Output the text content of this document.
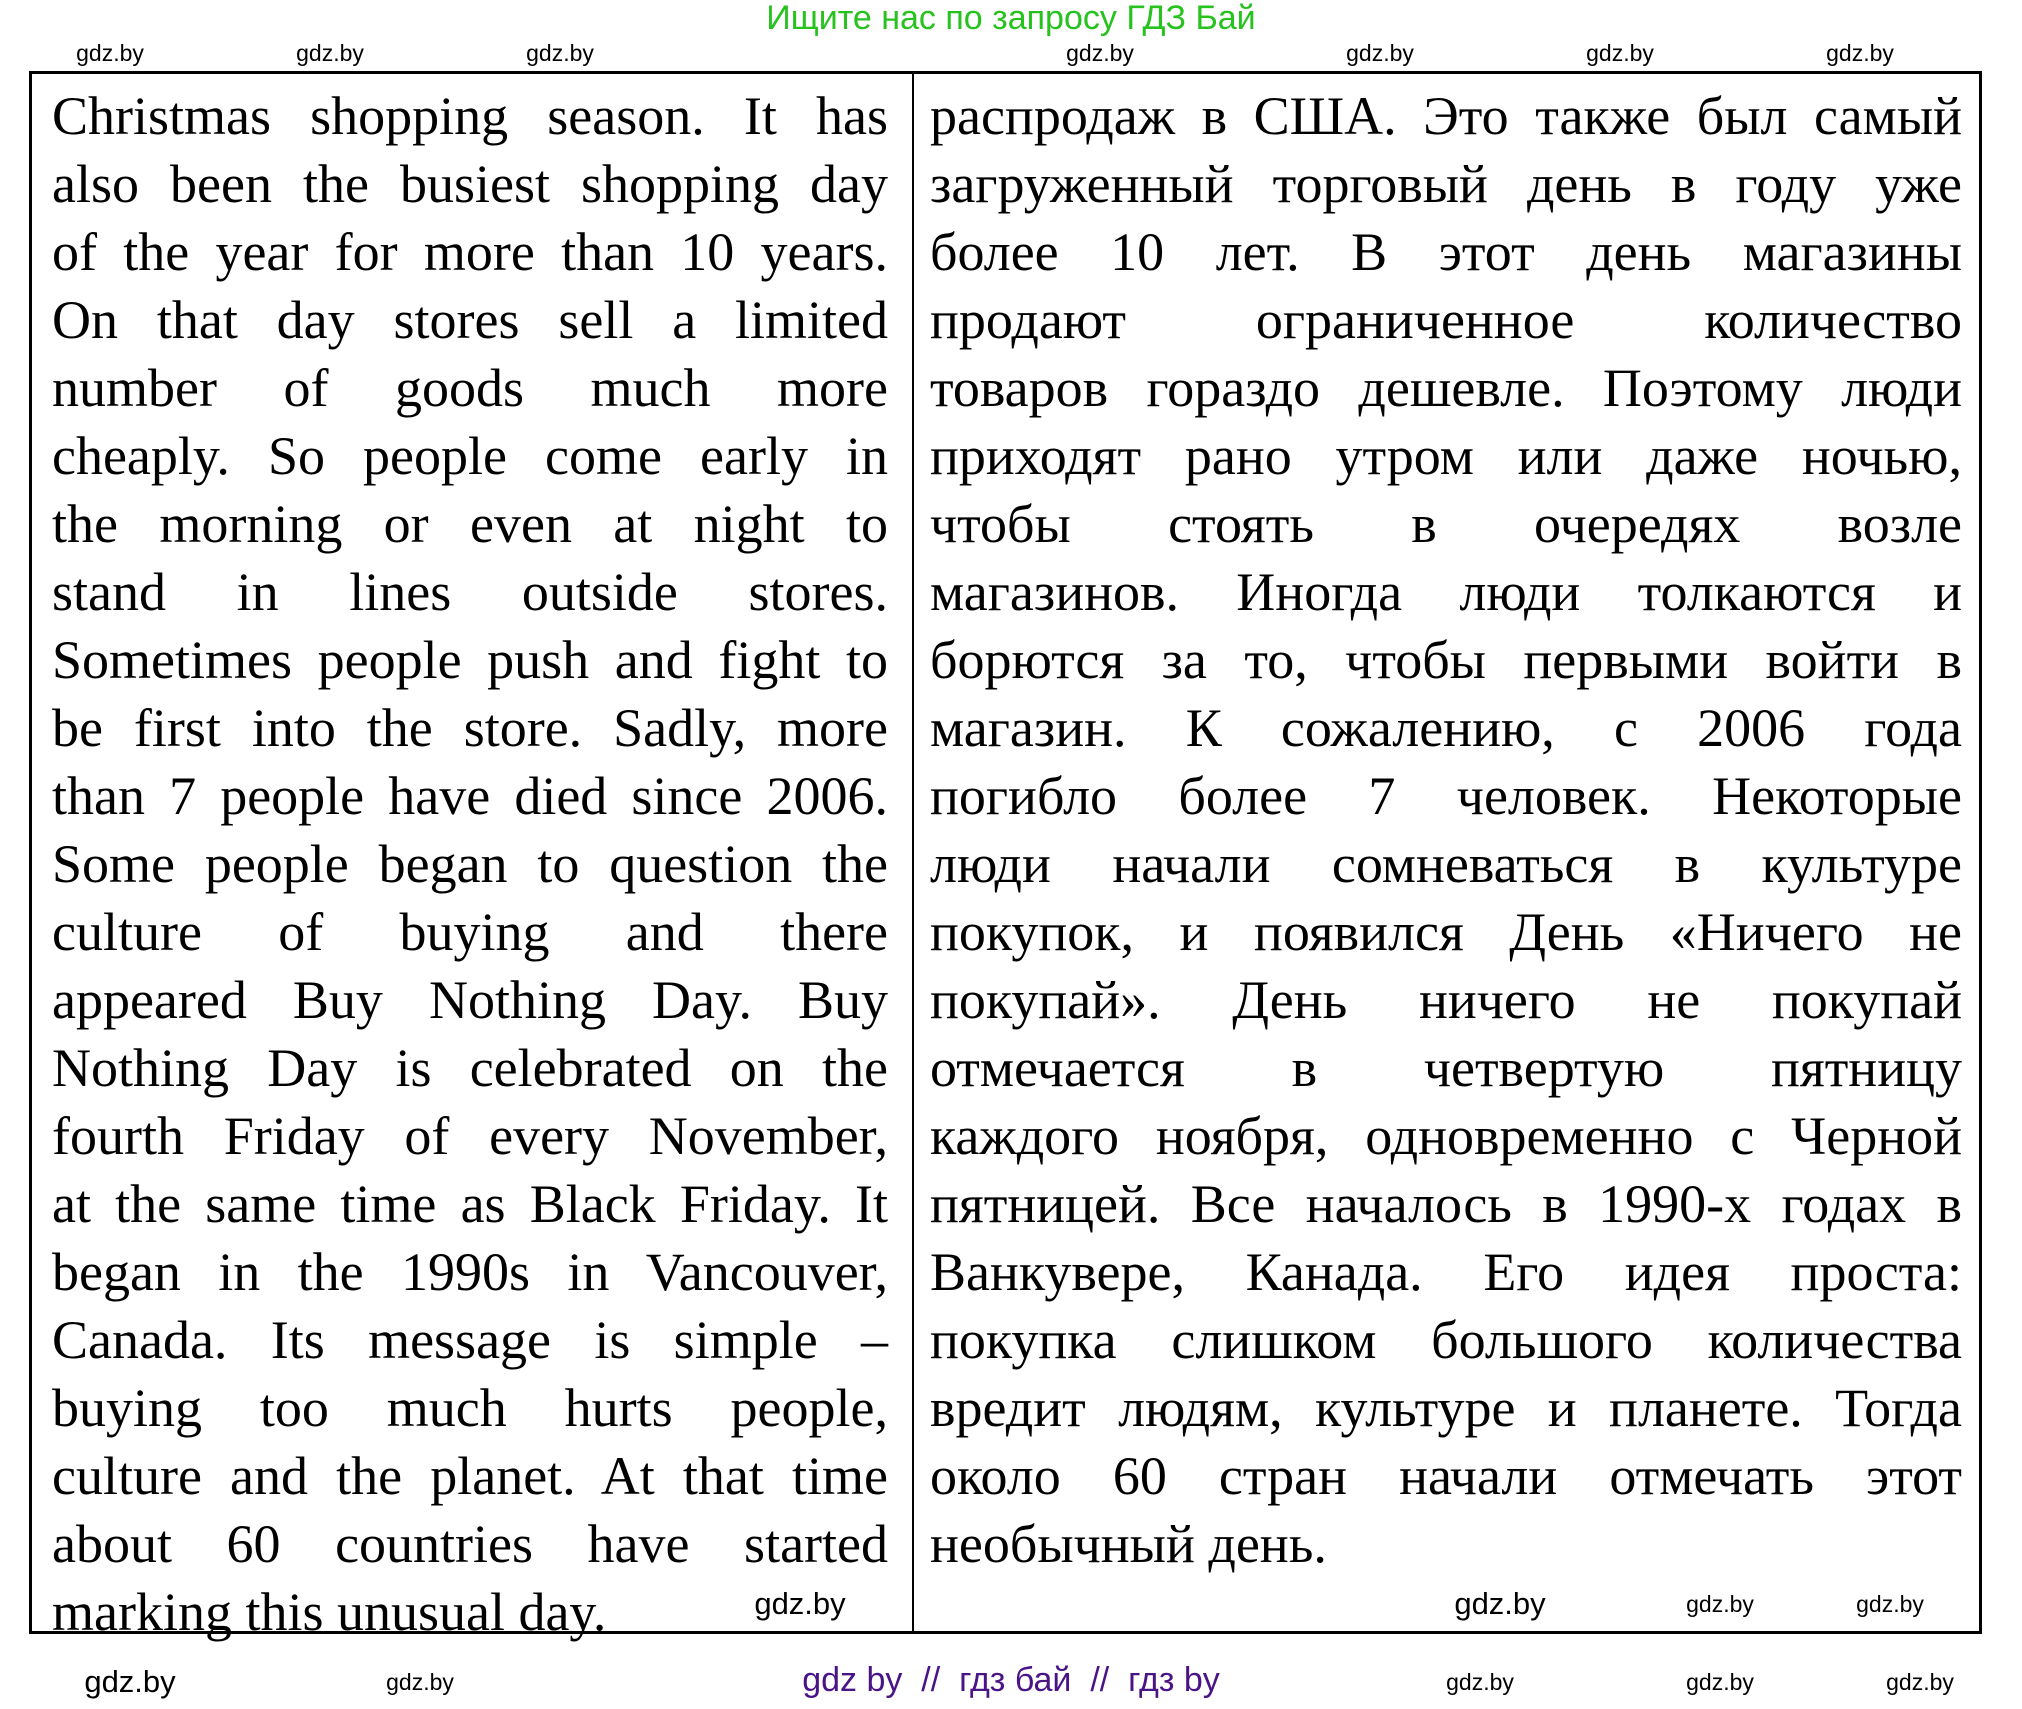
Ищите нас по запросу ГДЗ Бай
Christmas shopping season. It has
also been the busiest shopping day
of the year for more than 10 years.
On that day stores sell a limited
number of goods much more
cheaply. So people come early in
the morning or even at night to
stand in lines outside stores.
Sometimes people push and fight to
be first into the store. Sadly, more
than 7 people have died since 2006.
Some people began to question the
culture of buying and there
appeared Buy Nothing Day. Buy
Nothing Day is celebrated on the
fourth Friday of every November,
at the same time as Black Friday. It
began in the 1990s in Vancouver,
Canada. Its message is simple –
buying too much hurts people,
culture and the planet. At that time
about 60 countries have started
marking this unusual day.
распродаж в США. Это также был самый
загруженный торговый день в году уже
более 10 лет. В этот день магазины
продают ограниченное количество
товаров гораздо дешевле. Поэтому люди
приходят рано утром или даже ночью,
чтобы стоять в очередях возле
магазинов. Иногда люди толкаются и
борются за то, чтобы первыми войти в
магазин. К сожалению, с 2006 года
погибло более 7 человек. Некоторые
люди начали сомневаться в культуре
покупок, и появился День «Ничего не
покупай». День ничего не покупай
отмечается в четвертую пятницу
каждого ноября, одновременно с Черной
пятницей. Все началось в 1990-х годах в
Ванкувере, Канада. Его идея проста:
покупка слишком большого количества
вредит людям, культуре и планете. Тогда
около 60 стран начали отмечать этот
необычный день.
gdz.by	gdz.by	gdz.by	gdz.by	gdz.by	gdz.by
gdz.by
gdz.by	gdz.by	gdz.by	gdz.by
gdz.by	gdz.by	gdz.by	gdz.by	gdz.by
gdz by  //  гдз бай  //  гдз by
